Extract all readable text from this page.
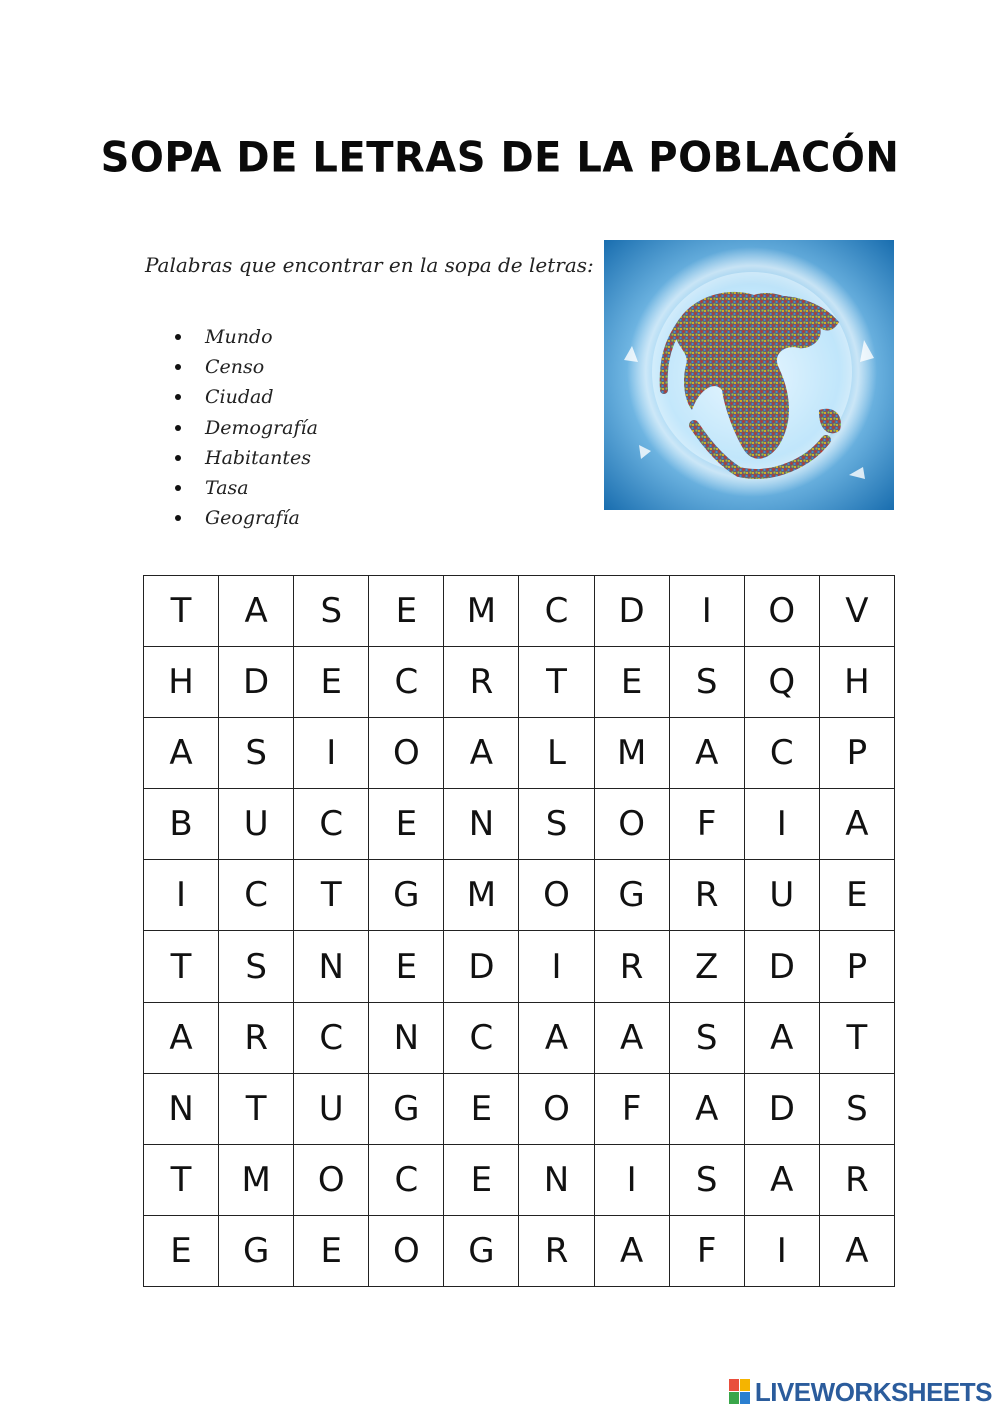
SOPA DE LETRAS DE LA POBLACÓN
Palabras que encontrar en la sopa de letras:
Mundo
Censo
Ciudad
Demografía
Habitantes
Tasa
Geografía
T	A	S	E	M	C	D	I	O	V
H	D	E	C	R	T	E	S	Q	H
A	S	I	O	A	L	M	A	C	P
B	U	C	E	N	S	O	F	I	A
I	C	T	G	M	O	G	R	U	E
T	S	N	E	D	I	R	Z	D	P
A	R	C	N	C	A	A	S	A	T
N	T	U	G	E	O	F	A	D	S
T	M	O	C	E	N	I	S	A	R
E	G	E	O	G	R	A	F	I	A
LIVEWORKSHEETS
